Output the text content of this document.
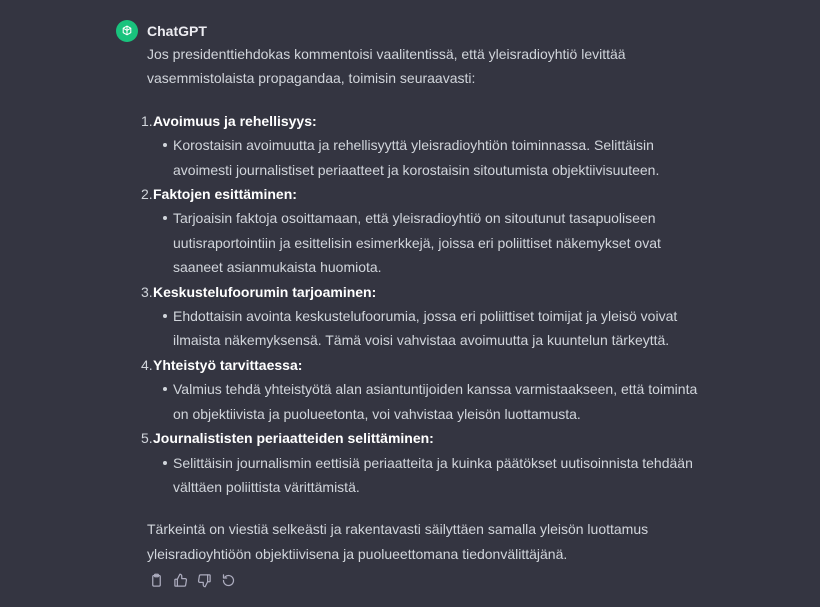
ChatGPT

Jos presidenttiehdokas kommentoisi vaalitentissä, että yleisradioyhtiö levittää vasemmistolaista propagandaa, toimisin seuraavasti:

1. Avoimuus ja rehellisyys:
Korostaisin avoimuutta ja rehellisyyttä yleisradioyhtiön toiminnassa. Selittäisin avoimesti journalistiset periaatteet ja korostaisin sitoutumista objektiivisuuteen.
2. Faktojen esittäminen:
Tarjoaisin faktoja osoittamaan, että yleisradioyhtiö on sitoutunut tasapuoliseen uutisraportointiin ja esittelisin esimerkkejä, joissa eri poliittiset näkemykset ovat saaneet asianmukaista huomiota.
3. Keskustelufoorumin tarjoaminen:
Ehdottaisin avointa keskustelufoorumia, jossa eri poliittiset toimijat ja yleisö voivat ilmaista näkemyksensä. Tämä voisi vahvistaa avoimuutta ja kuuntelun tärkeyttä.
4. Yhteistyö tarvittaessa:
Valmius tehdä yhteistyötä alan asiantuntijoiden kanssa varmistaakseen, että toiminta on objektiivista ja puolueetonta, voi vahvistaa yleisön luottamusta.
5. Journalististen periaatteiden selittäminen:
Selittäisin journalismin eettisiä periaatteita ja kuinka päätökset uutisoinnista tehdään välttäen poliittista värittämistä.

Tärkeintä on viestiä selkeästi ja rakentavasti säilyttäen samalla yleisön luottamus yleisradioyhtiöön objektiivisena ja puolueettomana tiedonvälittäjänä.
